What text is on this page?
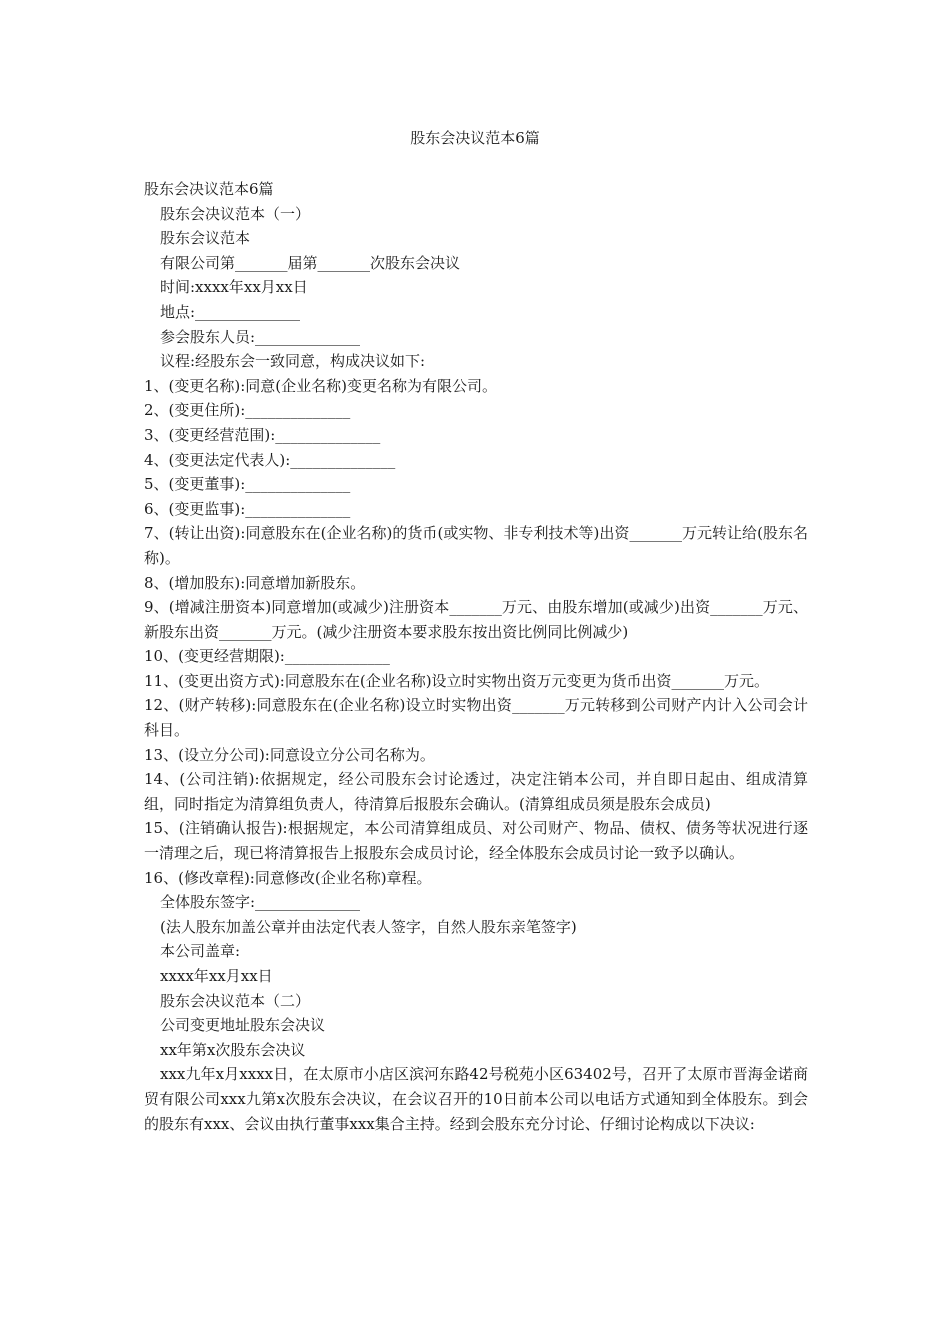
股东会决议范本6篇

股东会决议范本6篇

股东会决议范本（一）

股东会议范本

有限公司第_______届第_______次股东会决议

时间:xxxx年xx月xx日

地点:______________

参会股东人员:______________

议程:经股东会一致同意，构成决议如下:

1、(变更名称):同意(企业名称)变更名称为有限公司。

2、(变更住所):______________

3、(变更经营范围):______________

4、(变更法定代表人):______________

5、(变更董事):______________

6、(变更监事):______________

7、(转让出资):同意股东在(企业名称)的货币(或实物、非专利技术等)出资_______万元转让给(股东名称)。

8、(增加股东):同意增加新股东。

9、(增减注册资本)同意增加(或减少)注册资本_______万元、由股东增加(或减少)出资_______万元、新股东出资_______万元。(减少注册资本要求股东按出资比例同比例减少)

10、(变更经营期限):______________

11、(变更出资方式):同意股东在(企业名称)设立时实物出资万元变更为货币出资_______万元。

12、(财产转移):同意股东在(企业名称)设立时实物出资_______万元转移到公司财产内计入公司会计科目。

13、(设立分公司):同意设立分公司名称为。

14、(公司注销):依据规定，经公司股东会讨论透过，决定注销本公司，并自即日起由、组成清算组，同时指定为清算组负责人，待清算后报股东会确认。(清算组成员须是股东会成员)

15、(注销确认报告):根据规定，本公司清算组成员、对公司财产、物品、债权、债务等状况进行逐一清理之后，现已将清算报告上报股东会成员讨论，经全体股东会成员讨论一致予以确认。

16、(修改章程):同意修改(企业名称)章程。

全体股东签字:______________

(法人股东加盖公章并由法定代表人签字，自然人股东亲笔签字)

本公司盖章:

xxxx年xx月xx日

股东会决议范本（二）

公司变更地址股东会决议

xx年第x次股东会决议

xxx九年x月xxxx日，在太原市小店区滨河东路42号税苑小区63402号，召开了太原市晋海金诺商贸有限公司xxx九第x次股东会决议，在会议召开的10日前本公司以电话方式通知到全体股东。到会的股东有xxx、会议由执行董事xxx集合主持。经到会股东充分讨论、仔细讨论构成以下决议:
